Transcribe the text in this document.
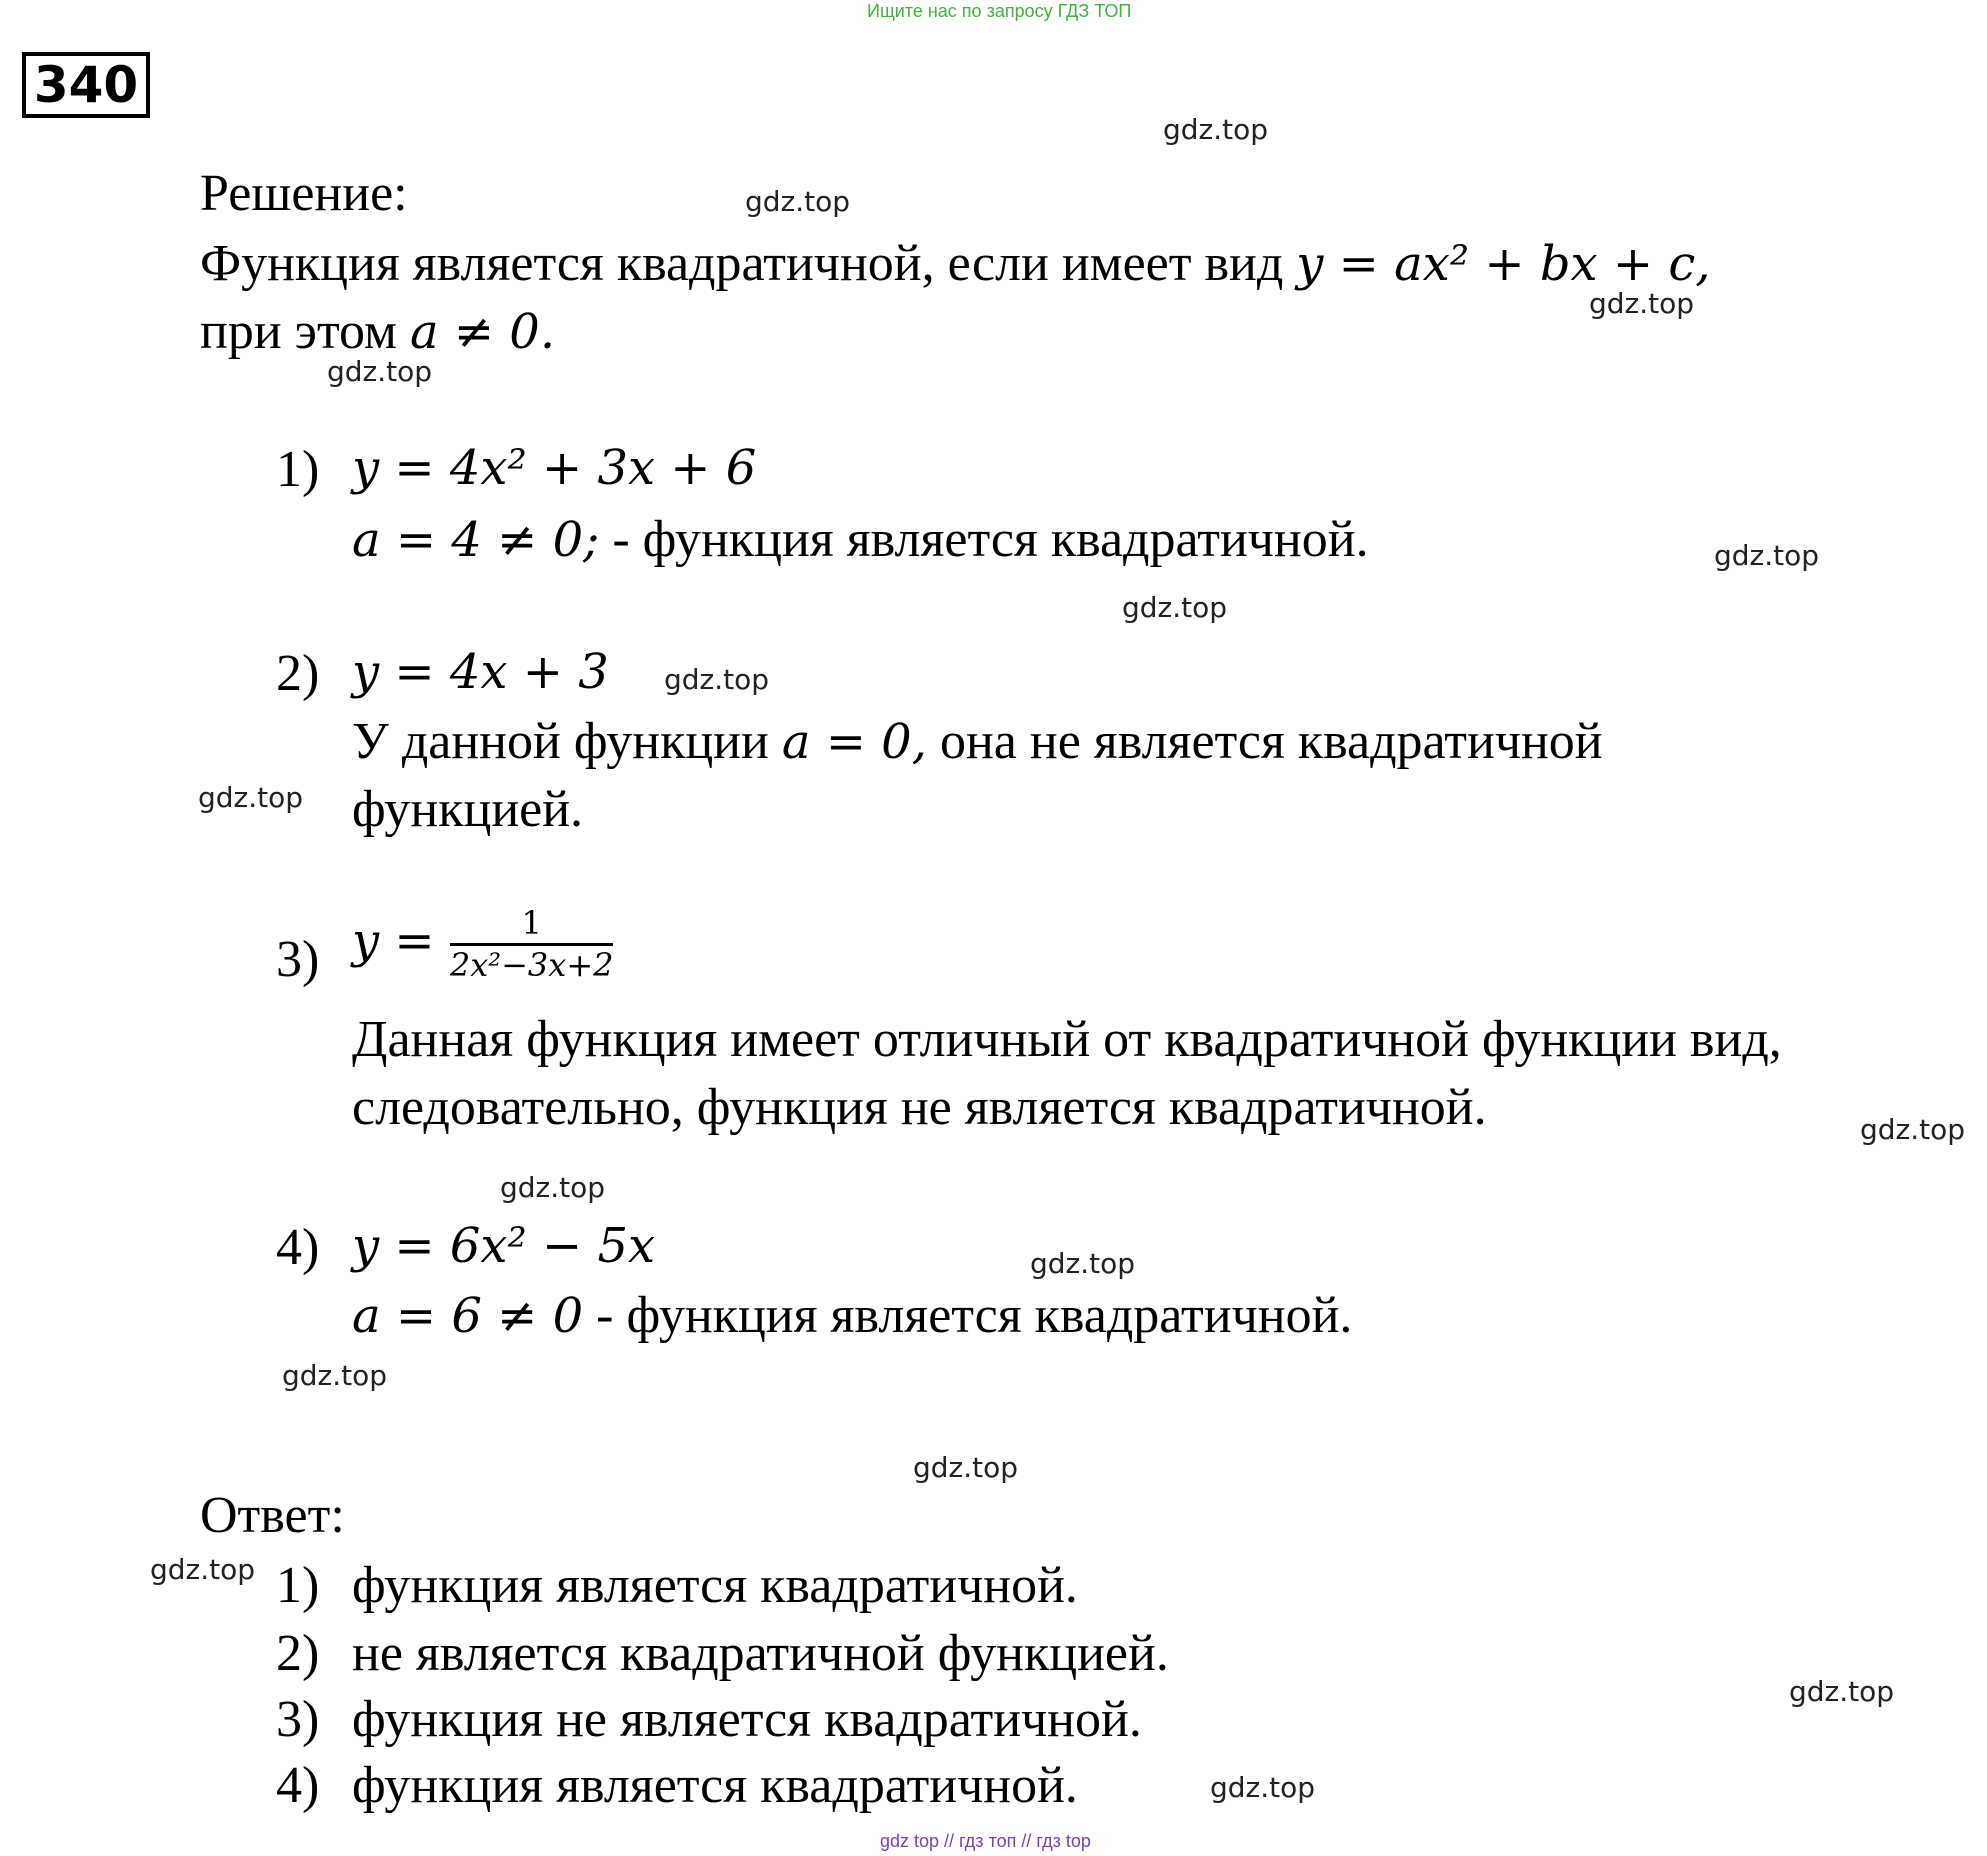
Ищите нас по запросу ГДЗ ТОП
340
Решение:
Функция является квадратичной, если имеет вид y = ax² + bx + c,
при этом a ≠ 0.
1) y = 4x² + 3x + 6
a = 4 ≠ 0; - функция является квадратичной.
2) y = 4x + 3
У данной функции a = 0, она не является квадратичной
функцией.
3) $y = \frac{1}{\text{2x²−3x+2}}$
Данная функция имеет отличный от квадратичной функции вид,
следовательно, функция не является квадратичной.
4) y = 6x² − 5x
a = 6 ≠ 0 - функция является квадратичной.
Ответ:
1) функция является квадратичной.
2) не является квадратичной функцией.
3) функция не является квадратичной.
4) функция является квадратичной.
gdz.top
gdz.top
gdz.top
gdz.top
gdz.top
gdz.top
gdz.top
gdz.top
gdz.top
gdz.top
gdz.top
gdz.top
gdz.top
gdz.top
gdz.top
gdz.top
gdz top // гдз топ // гдз top
